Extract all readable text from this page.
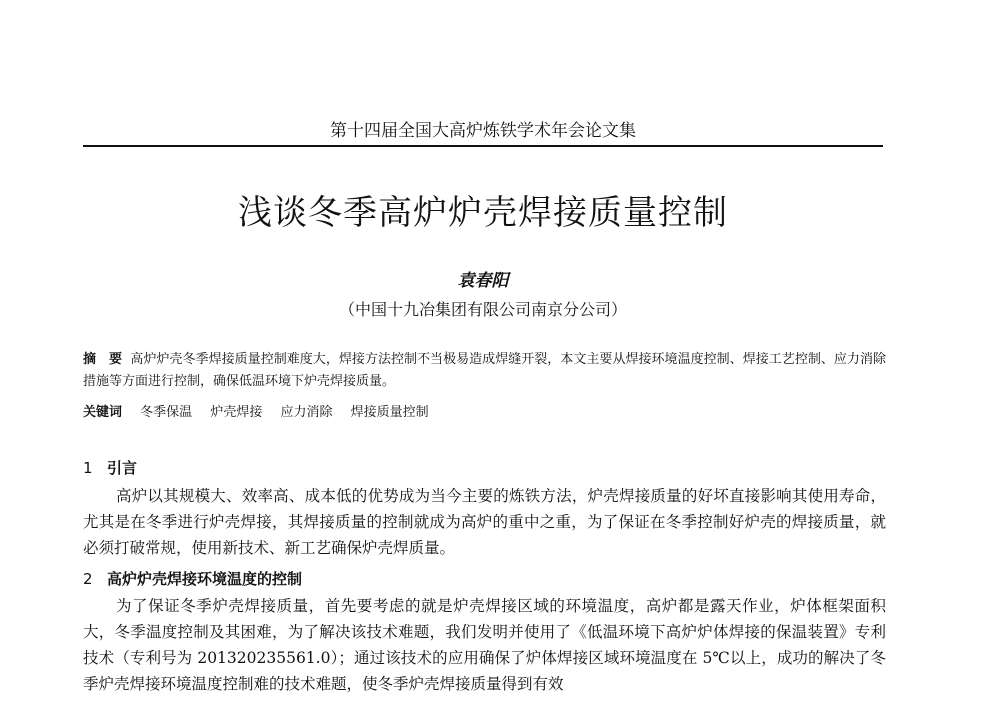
第十四届全国大高炉炼铁学术年会论文集
浅谈冬季高炉炉壳焊接质量控制
袁春阳
（中国十九冶集团有限公司南京分公司）
摘　要 高炉炉壳冬季焊接质量控制难度大，焊接方法控制不当极易造成焊缝开裂，本文主要从焊接环境温度控制、焊接工艺控制、应力消除措施等方面进行控制，确保低温环境下炉壳焊接质量。
关键词 冬季保温 炉壳焊接 应力消除 焊接质量控制
1 引言

高炉以其规模大、效率高、成本低的优势成为当今主要的炼铁方法，炉壳焊接质量的好坏直接影响其使用寿命，尤其是在冬季进行炉壳焊接，其焊接质量的控制就成为高炉的重中之重，为了保证在冬季控制好炉壳的焊接质量，就必须打破常规，使用新技术、新工艺确保炉壳焊质量。

2 高炉炉壳焊接环境温度的控制

为了保证冬季炉壳焊接质量，首先要考虑的就是炉壳焊接区域的环境温度，高炉都是露天作业，炉体框架面积大，冬季温度控制及其困难，为了解决该技术难题，我们发明并使用了《低温环境下高炉炉体焊接的保温装置》专利技术（专利号为 201320235561.0）；通过该技术的应用确保了炉体焊接区域环境温度在 5℃以上，成功的解决了冬季炉壳焊接环境温度控制难的技术难题，使冬季炉壳焊接质量得到有效
